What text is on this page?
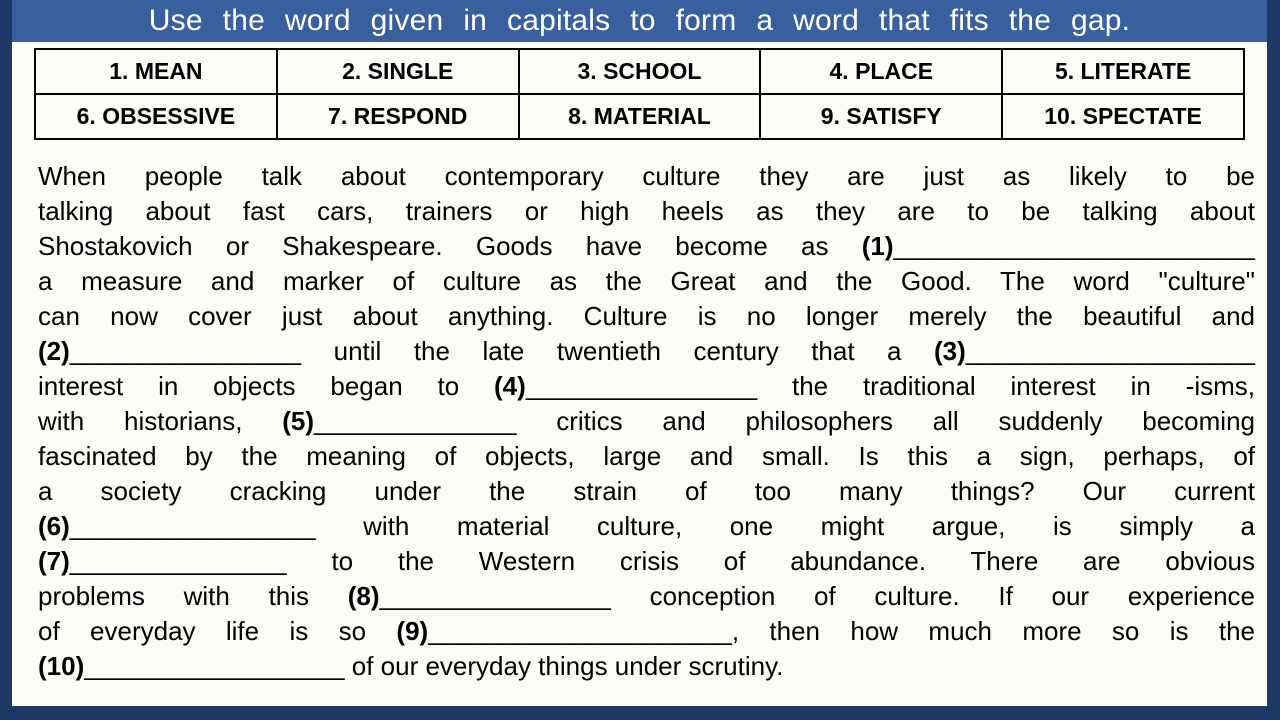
Use the word given in capitals to form a word that fits the gap.
1. MEAN	2. SINGLE	3. SCHOOL	4. PLACE	5. LITERATE
6. OBSESSIVE	7. RESPOND	8. MATERIAL	9. SATISFY	10. SPECTATE
When people talk about contemporary culture they are just as likely to be
talking about fast cars, trainers or high heels as they are to be talking about
Shostakovich or Shakespeare. Goods have become as (1)_________________________
a measure and marker of culture as the Great and the Good. The word "culture"
can now cover just about anything. Culture is no longer merely the beautiful and
(2)________________ until the late twentieth century that a (3)____________________
interest in objects began to (4)________________ the traditional interest in -isms,
with historians, (5)______________ critics and philosophers all suddenly becoming
fascinated by the meaning of objects, large and small. Is this a sign, perhaps, of
a society cracking under the strain of too many things? Our current
(6)_________________ with material culture, one might argue, is simply a
(7)_______________ to the Western crisis of abundance. There are obvious
problems with this (8)________________ conception of culture. If our experience
of everyday life is so (9)_____________________, then how much more so is the
(10)__________________ of our everyday things under scrutiny.
